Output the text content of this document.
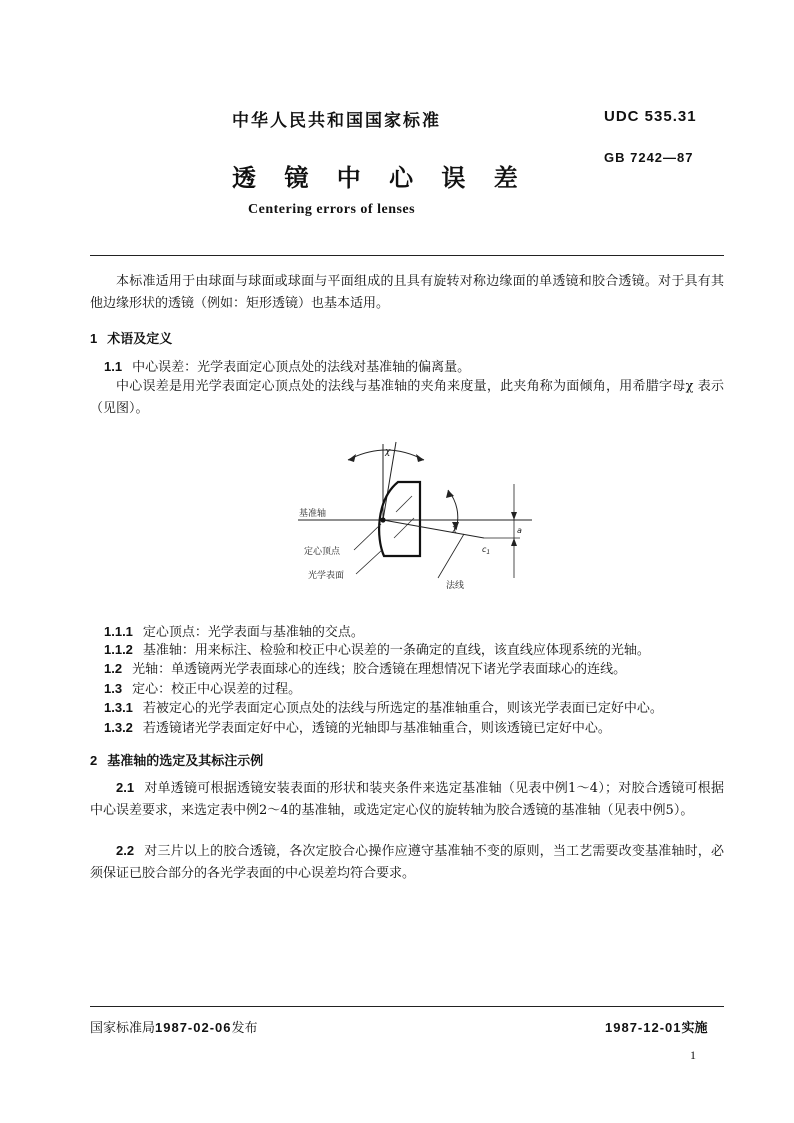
中华人民共和国国家标准	UDC 535.31
GB 7242—87
透 镜 中 心 误 差
Centering errors of lenses
本标准适用于由球面与球面或球面与平面组成的且具有旋转对称边缘面的单透镜和胶合透镜。对于具有其他边缘形状的透镜（例如：矩形透镜）也基本适用。
1 术语及定义
1.1 中心误差：光学表面定心顶点处的法线对基准轴的偏离量。
中心误差是用光学表面定心顶点处的法线与基准轴的夹角来度量，此夹角称为面倾角，用希腊字母χ 表示（见图）。
基准轴
χ
法线
χ
$c_1$
a
定心顶点
光学表面
1.1.1 定心顶点：光学表面与基准轴的交点。
1.1.2 基准轴：用来标注、检验和校正中心误差的一条确定的直线，该直线应体现系统的光轴。
1.2 光轴：单透镜两光学表面球心的连线；胶合透镜在理想情况下诸光学表面球心的连线。
1.3 定心：校正中心误差的过程。
1.3.1 若被定心的光学表面定心顶点处的法线与所选定的基准轴重合，则该光学表面已定好中心。
1.3.2 若透镜诸光学表面定好中心，透镜的光轴即与基准轴重合，则该透镜已定好中心。
2 基准轴的选定及其标注示例
2.1 对单透镜可根据透镜安装表面的形状和装夹条件来选定基准轴（见表中例1～4）；对胶合透镜可根据中心误差要求，来选定表中例2～4的基准轴，或选定定心仪的旋转轴为胶合透镜的基准轴（见表中例5）。
2.2 对三片以上的胶合透镜，各次定胶合心操作应遵守基准轴不变的原则，当工艺需要改变基准轴时，必须保证已胶合部分的各光学表面的中心误差均符合要求。
国家标准局1987-02-06发布	1987-12-01实施
1
